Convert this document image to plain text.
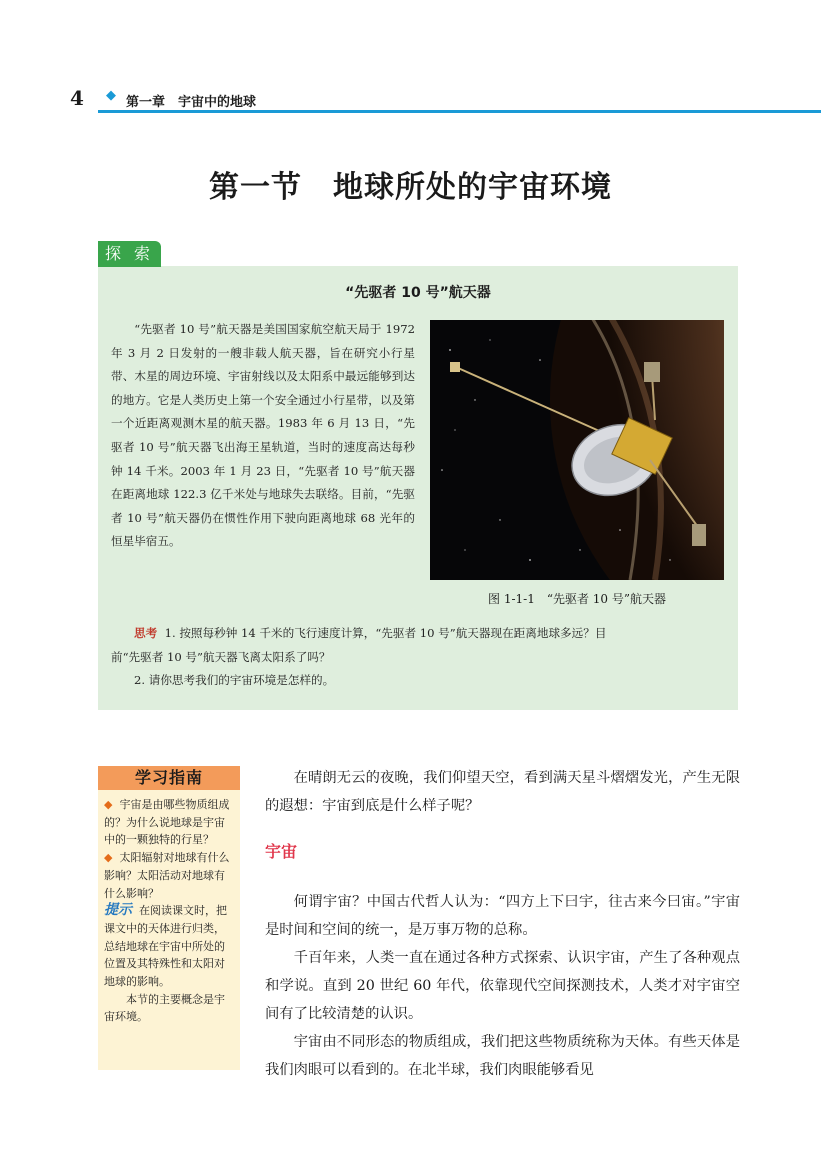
4 ◆ 第一章　宇宙中的地球
第一节　地球所处的宇宙环境
探 索
“先驱者 10 号”航天器
“先驱者 10 号”航天器是美国国家航空航天局于 1972 年 3 月 2 日发射的一艘非载人航天器，旨在研究小行星带、木星的周边环境、宇宙射线以及太阳系中最远能够到达的地方。它是人类历史上第一个安全通过小行星带，以及第一个近距离观测木星的航天器。1983 年 6 月 13 日，“先驱者 10 号”航天器飞出海王星轨道，当时的速度高达每秒钟 14 千米。2003 年 1 月 23 日，“先驱者 10 号”航天器在距离地球 122.3 亿千米处与地球失去联络。目前，“先驱者 10 号”航天器仍在惯性作用下驶向距离地球 68 光年的恒星毕宿五。
图 1-1-1　“先驱者 10 号”航天器
思考 1. 按照每秒钟 14 千米的飞行速度计算，“先驱者 10 号”航天器现在距离地球多远？目
前“先驱者 10 号”航天器飞离太阳系了吗？
2. 请你思考我们的宇宙环境是怎样的。
学习指南

◆ 宇宙是由哪些物质组成的？为什么说地球是宇宙中的一颗独特的行星？

◆ 太阳辐射对地球有什么影响？太阳活动对地球有什么影响？

提示 在阅读课文时，把课文中的天体进行归类，总结地球在宇宙中所处的位置及其特殊性和太阳对地球的影响。

本节的主要概念是宇宙环境。

在晴朗无云的夜晚，我们仰望天空，看到满天星斗熠熠发光，产生无限的遐想：宇宙到底是什么样子呢？

宇宙

何谓宇宙？中国古代哲人认为：“四方上下曰宇，往古来今曰宙。”宇宙是时间和空间的统一，是万事万物的总称。

千百年来，人类一直在通过各种方式探索、认识宇宙，产生了各种观点和学说。直到 20 世纪 60 年代，依靠现代空间探测技术，人类才对宇宙空间有了比较清楚的认识。

宇宙由不同形态的物质组成，我们把这些物质统称为天体。有些天体是我们肉眼可以看到的。在北半球，我们肉眼能够看见
